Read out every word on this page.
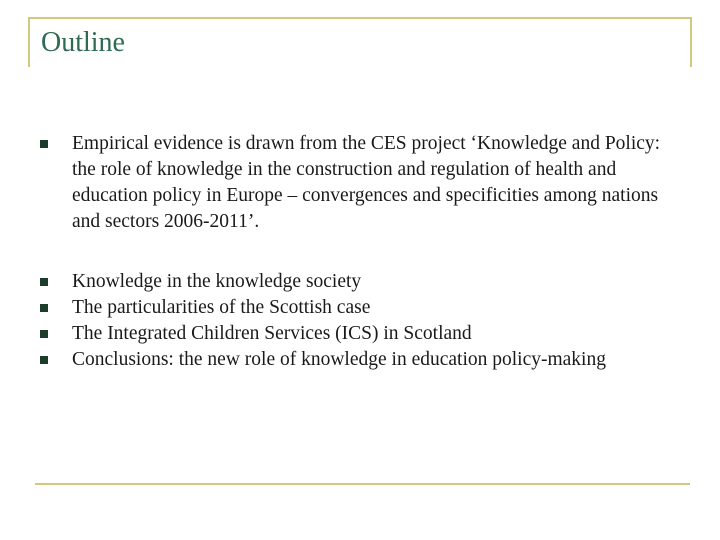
Outline
Empirical evidence is drawn from the CES project ‘Knowledge and Policy: the role of knowledge in the construction and regulation of health and education policy in Europe – convergences and specificities among nations and sectors 2006-2011’.
Knowledge in the knowledge society
The particularities of the Scottish case
The Integrated Children Services (ICS) in Scotland
Conclusions: the new role of knowledge in education policy-making
